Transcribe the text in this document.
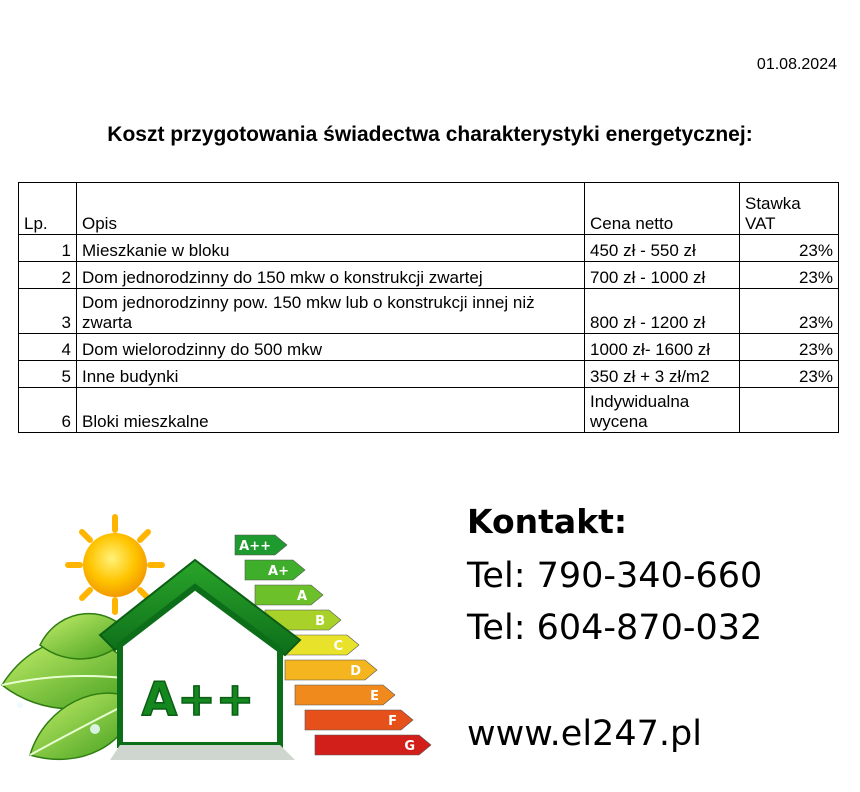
01.08.2024
Koszt przygotowania świadectwa charakterystyki energetycznej:
Lp.	Opis	Cena netto	Stawka VAT
1	Mieszkanie w bloku	450 zł - 550 zł	23%
2	Dom jednorodzinny do 150 mkw o konstrukcji zwartej	700 zł - 1000 zł	23%
3	Dom jednorodzinny pow. 150 mkw lub o konstrukcji innej niż zwarta	800 zł - 1200 zł	23%
4	Dom wielorodzinny do 500 mkw	1000 zł- 1600 zł	23%
5	Inne budynki	350 zł + 3 zł/m2	23%
6	Bloki mieszkalne	Indywidualna wycena	
A++
A+
A
B
C
D
E
F
G
A++
Kontakt:
Tel: 790-340-660
Tel: 604-870-032
www.el247.pl
